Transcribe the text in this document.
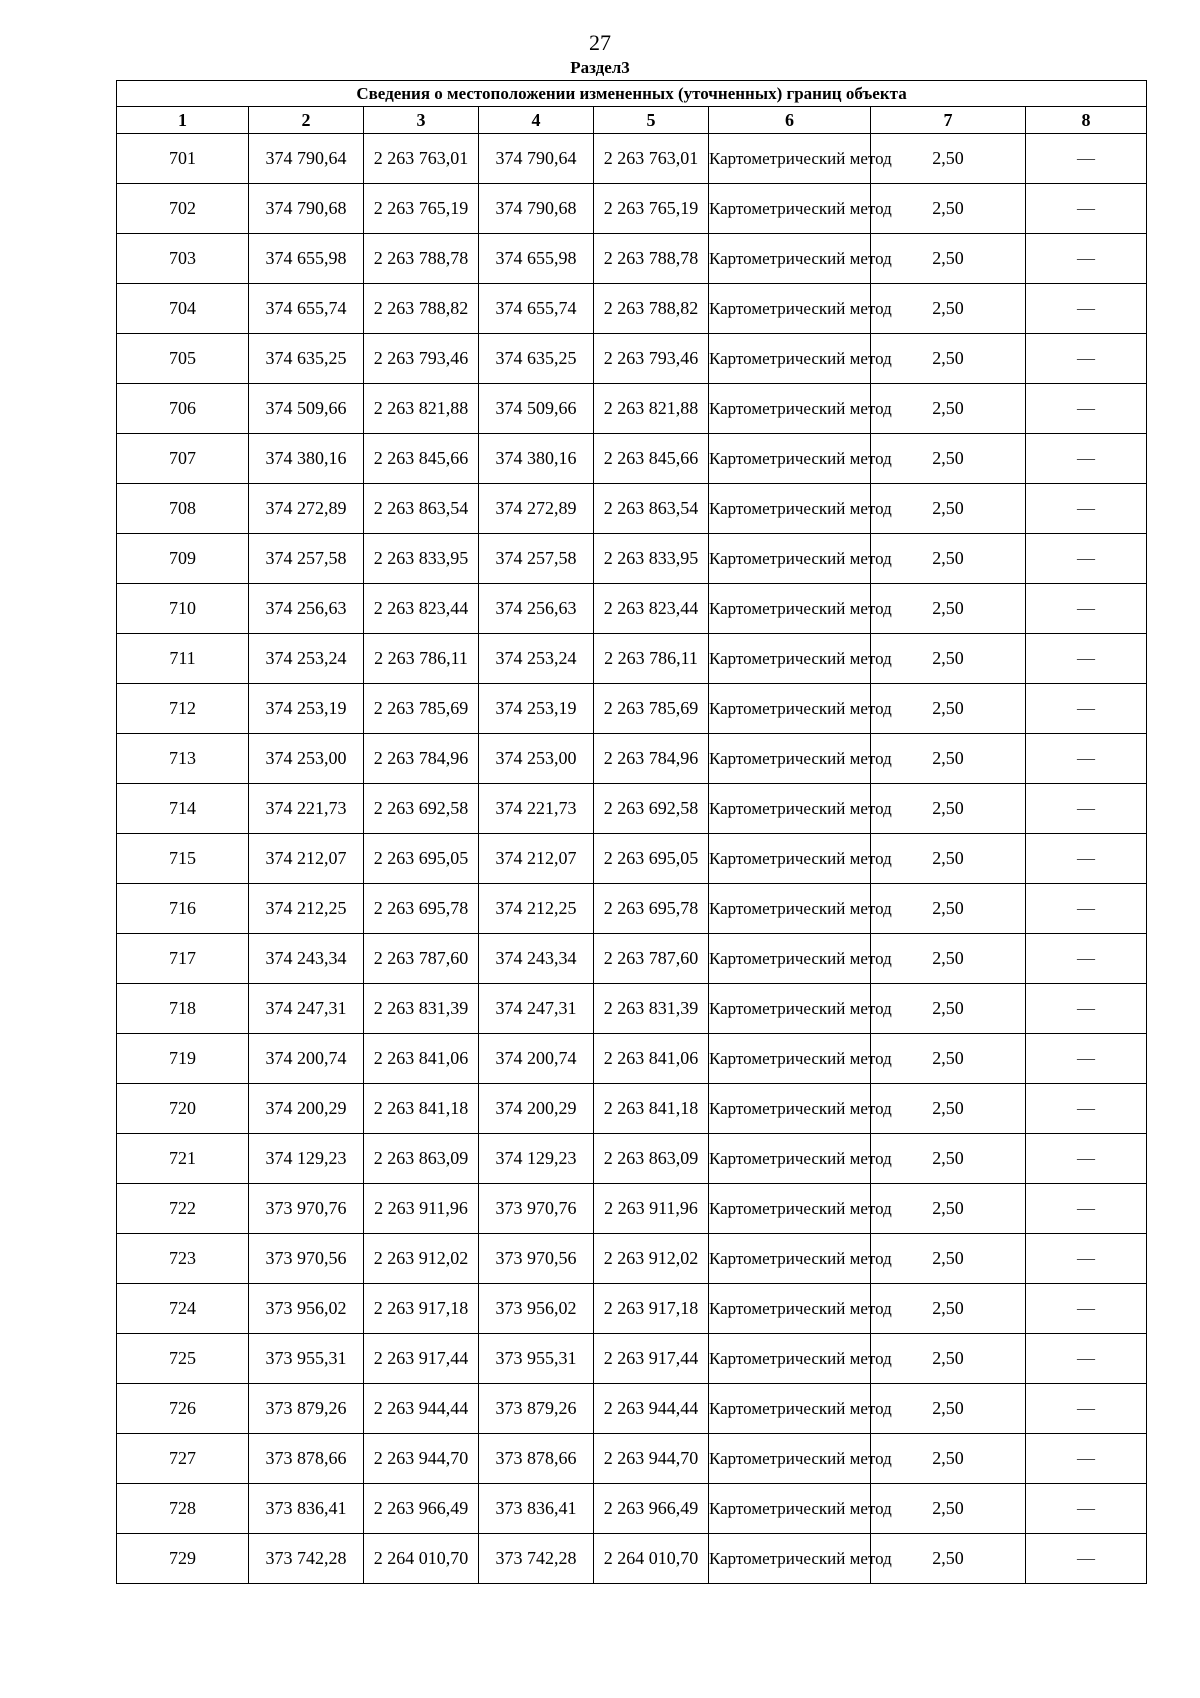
27
Раздел3
Сведения о местоположении измененных (уточненных) границ объекта							
1	2	3	4	5	6	7	8
701	374 790,64	2 263 763,01	374 790,64	2 263 763,01	Картометрический метод	2,50	—
702	374 790,68	2 263 765,19	374 790,68	2 263 765,19	Картометрический метод	2,50	—
703	374 655,98	2 263 788,78	374 655,98	2 263 788,78	Картометрический метод	2,50	—
704	374 655,74	2 263 788,82	374 655,74	2 263 788,82	Картометрический метод	2,50	—
705	374 635,25	2 263 793,46	374 635,25	2 263 793,46	Картометрический метод	2,50	—
706	374 509,66	2 263 821,88	374 509,66	2 263 821,88	Картометрический метод	2,50	—
707	374 380,16	2 263 845,66	374 380,16	2 263 845,66	Картометрический метод	2,50	—
708	374 272,89	2 263 863,54	374 272,89	2 263 863,54	Картометрический метод	2,50	—
709	374 257,58	2 263 833,95	374 257,58	2 263 833,95	Картометрический метод	2,50	—
710	374 256,63	2 263 823,44	374 256,63	2 263 823,44	Картометрический метод	2,50	—
711	374 253,24	2 263 786,11	374 253,24	2 263 786,11	Картометрический метод	2,50	—
712	374 253,19	2 263 785,69	374 253,19	2 263 785,69	Картометрический метод	2,50	—
713	374 253,00	2 263 784,96	374 253,00	2 263 784,96	Картометрический метод	2,50	—
714	374 221,73	2 263 692,58	374 221,73	2 263 692,58	Картометрический метод	2,50	—
715	374 212,07	2 263 695,05	374 212,07	2 263 695,05	Картометрический метод	2,50	—
716	374 212,25	2 263 695,78	374 212,25	2 263 695,78	Картометрический метод	2,50	—
717	374 243,34	2 263 787,60	374 243,34	2 263 787,60	Картометрический метод	2,50	—
718	374 247,31	2 263 831,39	374 247,31	2 263 831,39	Картометрический метод	2,50	—
719	374 200,74	2 263 841,06	374 200,74	2 263 841,06	Картометрический метод	2,50	—
720	374 200,29	2 263 841,18	374 200,29	2 263 841,18	Картометрический метод	2,50	—
721	374 129,23	2 263 863,09	374 129,23	2 263 863,09	Картометрический метод	2,50	—
722	373 970,76	2 263 911,96	373 970,76	2 263 911,96	Картометрический метод	2,50	—
723	373 970,56	2 263 912,02	373 970,56	2 263 912,02	Картометрический метод	2,50	—
724	373 956,02	2 263 917,18	373 956,02	2 263 917,18	Картометрический метод	2,50	—
725	373 955,31	2 263 917,44	373 955,31	2 263 917,44	Картометрический метод	2,50	—
726	373 879,26	2 263 944,44	373 879,26	2 263 944,44	Картометрический метод	2,50	—
727	373 878,66	2 263 944,70	373 878,66	2 263 944,70	Картометрический метод	2,50	—
728	373 836,41	2 263 966,49	373 836,41	2 263 966,49	Картометрический метод	2,50	—
729	373 742,28	2 264 010,70	373 742,28	2 264 010,70	Картометрический метод	2,50	—
